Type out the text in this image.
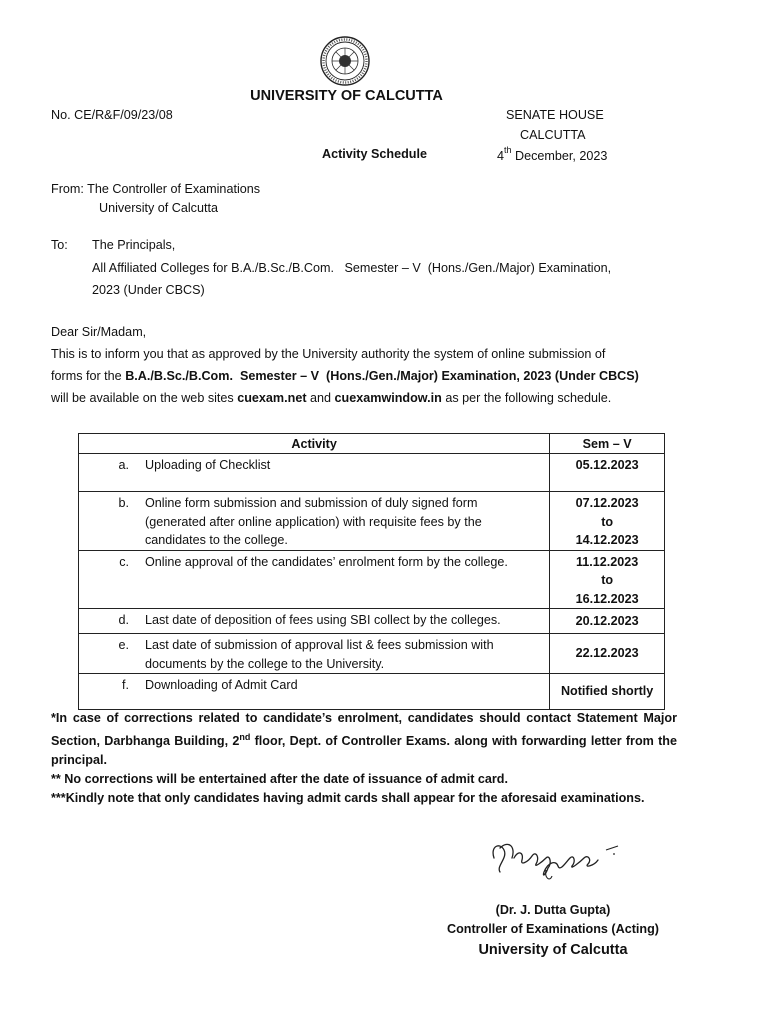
UNIVERSITY OF CALCUTTA
No. CE/R&F/09/23/08	SENATE HOUSE
CALCUTTA
Activity Schedule	4th December, 2023
From: The Controller of Examinations
University of Calcutta
To: The Principals,
All Affiliated Colleges for B.A./B.Sc./B.Com.   Semester – V  (Hons./Gen./Major) Examination,
2023 (Under CBCS)
Dear Sir/Madam,
This is to inform you that as approved by the University authority the system of online submission of
forms for the B.A./B.Sc./B.Com.  Semester – V  (Hons./Gen./Major) Examination, 2023 (Under CBCS)
will be available on the web sites cuexam.net and cuexamwindow.in as per the following schedule.
Activity	Sem – V

a. Uploading of Checklist	05.12.2023

b. Online form submission and submission of duly signed form
(generated after online application) with requisite fees by the
candidates to the college.	07.12.2023
to
14.12.2023

c. Online approval of the candidates’ enrolment form by the college.	11.12.2023
to
16.12.2023

d. Last date of deposition of fees using SBI collect by the colleges.	20.12.2023

e. Last date of submission of approval list & fees submission with
documents by the college to the University.	22.12.2023

f. Downloading of Admit Card	Notified shortly

*In case of corrections related to candidate’s enrolment, candidates should contact Statement Major Section, Darbhanga Building, 2nd floor, Dept. of Controller Exams. along with forwarding letter from the principal.

** No corrections will be entertained after the date of issuance of admit card.

***Kindly note that only candidates having admit cards shall appear for the aforesaid examinations.

(Dr. J. Dutta Gupta)
Controller of Examinations (Acting)
University of Calcutta
